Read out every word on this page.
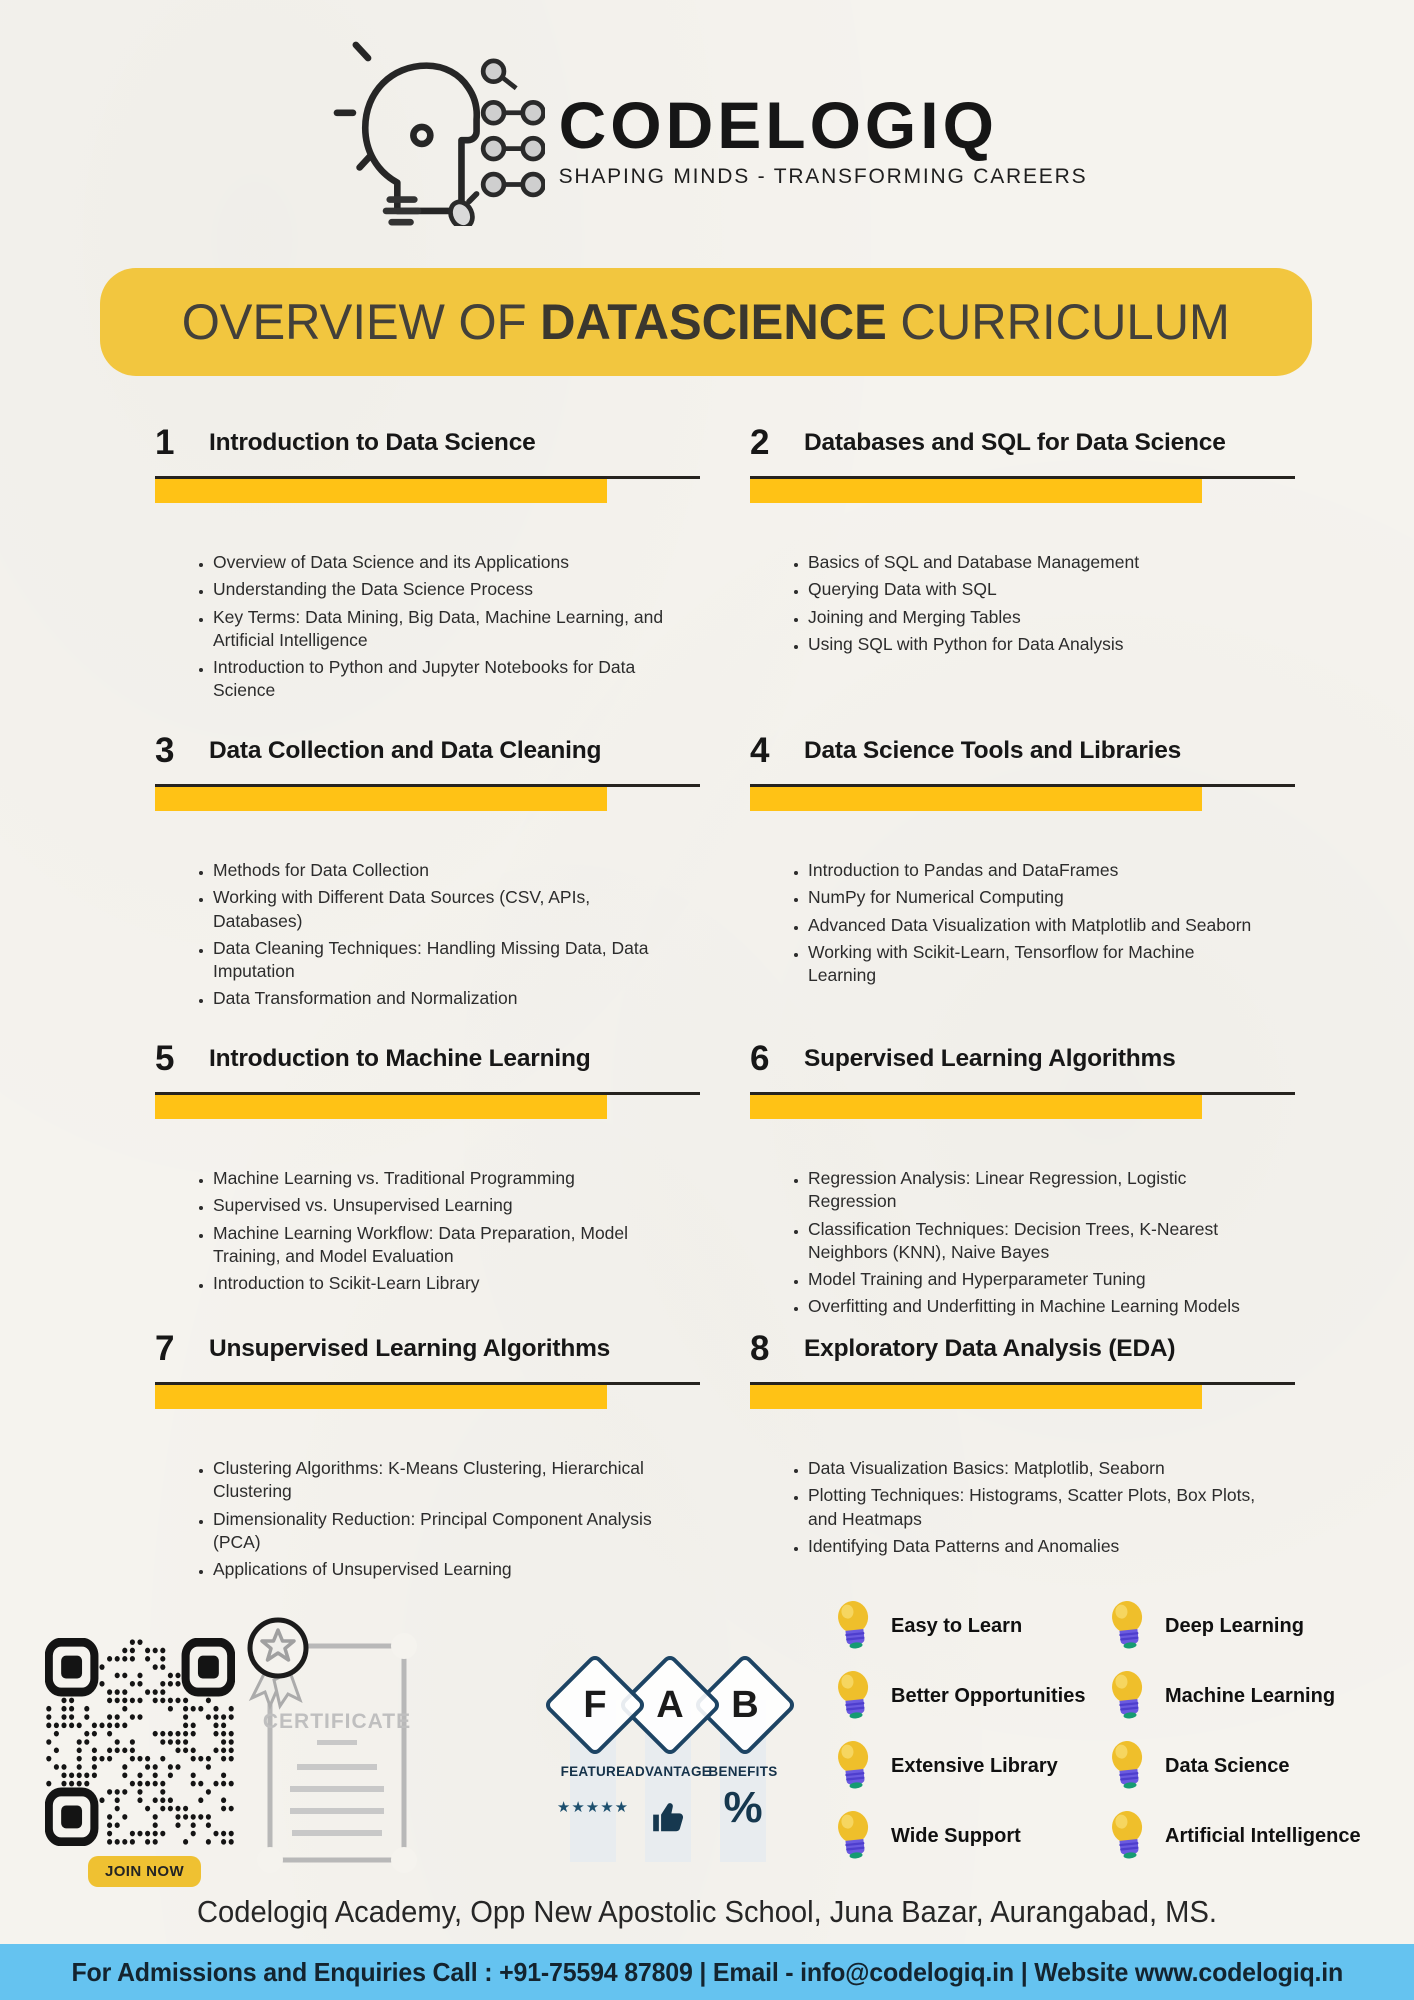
CODELOGIQ
SHAPING MINDS - TRANSFORMING CAREERS
OVERVIEW OF DATASCIENCE CURRICULUM
1	Introduction to Data Science
• Overview of Data Science and its Applications
• Understanding the Data Science Process
• Key Terms: Data Mining, Big Data, Machine Learning, and Artificial Intelligence
• Introduction to Python and Jupyter Notebooks for Data Science
2	Databases and SQL for Data Science
• Basics of SQL and Database Management
• Querying Data with SQL
• Joining and Merging Tables
• Using SQL with Python for Data Analysis
3	Data Collection and Data Cleaning
• Methods for Data Collection
• Working with Different Data Sources (CSV, APIs, Databases)
• Data Cleaning Techniques: Handling Missing Data, Data Imputation
• Data Transformation and Normalization
4	Data Science Tools and Libraries
• Introduction to Pandas and DataFrames
• NumPy for Numerical Computing
• Advanced Data Visualization with Matplotlib and Seaborn
• Working with Scikit-Learn, Tensorflow for Machine Learning
5	Introduction to Machine Learning
• Machine Learning vs. Traditional Programming
• Supervised vs. Unsupervised Learning
• Machine Learning Workflow: Data Preparation, Model Training, and Model Evaluation
• Introduction to Scikit-Learn Library
6	Supervised Learning Algorithms
• Regression Analysis: Linear Regression, Logistic Regression
• Classification Techniques: Decision Trees, K-Nearest Neighbors (KNN), Naive Bayes
• Model Training and Hyperparameter Tuning
• Overfitting and Underfitting in Machine Learning Models
7	Unsupervised Learning Algorithms
• Clustering Algorithms: K-Means Clustering, Hierarchical Clustering
• Dimensionality Reduction: Principal Component Analysis (PCA)
• Applications of Unsupervised Learning
8	Exploratory Data Analysis (EDA)
• Data Visualization Basics: Matplotlib, Seaborn
• Plotting Techniques: Histograms, Scatter Plots, Box Plots, and Heatmaps
• Identifying Data Patterns and Anomalies
JOIN NOW
CERTIFICATE	F	A	B
FEATURE ADVANTAGE
BENEFITS
★★★★★	%
Easy to Learn
Better Opportunities
Extensive Library
Wide Support
Deep Learning
Machine Learning
Data Science
Artificial Intelligence
Codelogiq Academy, Opp New Apostolic School, Juna Bazar, Aurangabad, MS.

For Admissions and Enquiries Call : +91-75594 87809 | Email - info@codelogiq.in | Website www.codelogiq.in
